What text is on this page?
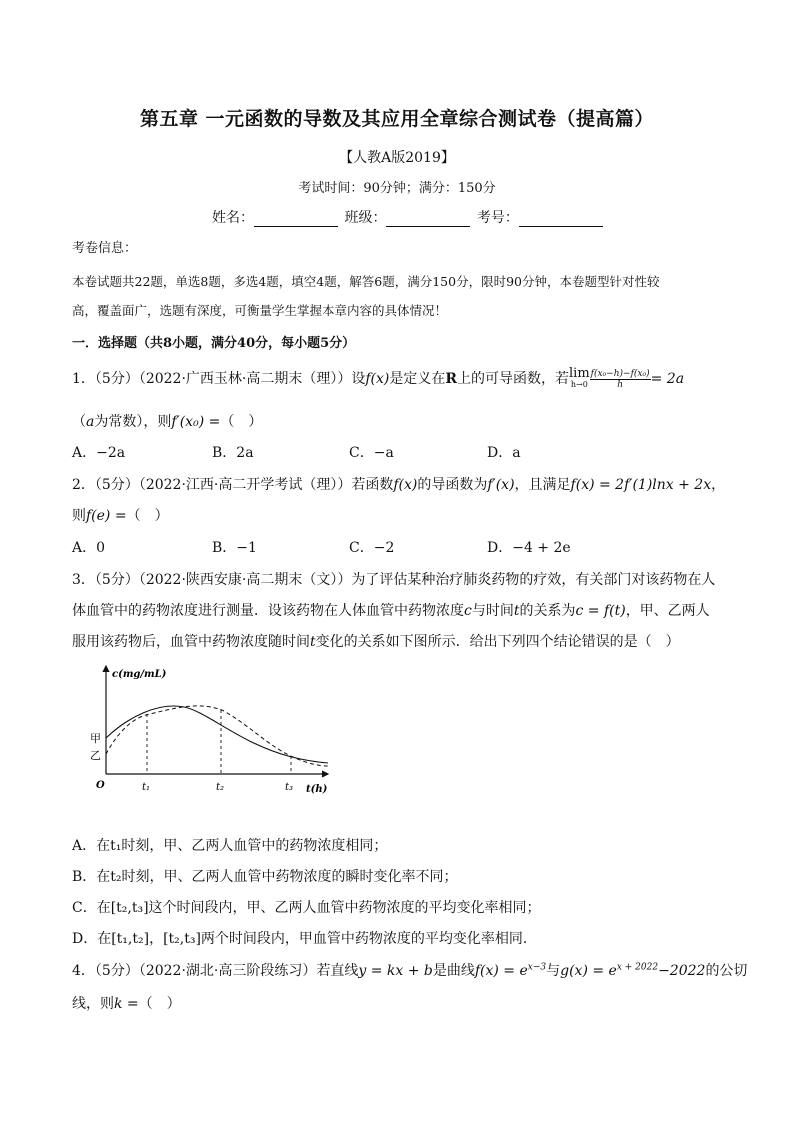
第五章 一元函数的导数及其应用全章综合测试卷（提高篇）
【人教A版2019】
考试时间：90分钟；满分：150分
姓名：	班级：	考号：
考卷信息：
本卷试题共22题，单选8题，多选4题，填空4题，解答6题，满分150分，限时90分钟，本卷题型针对性较
高，覆盖面广，选题有深度，可衡量学生掌握本章内容的具体情况！
一．选择题（共8小题，满分40分，每小题5分）
1．（5分）（2022·广西玉林·高二期末（理））设f(x)是定义在R上的可导函数，若lim
$h\to 0 \frac{\text{f(x₀−h)−f(x₀)}}{h} = 2a$
（a为常数），则f′(x₀) =（　）
A．−2a	B．2a	C．−a	D．a
2．（5分）（2022·江西·高二开学考试（理））若函数f(x)的导函数为f′(x)，且满足f(x) = 2f′(1)lnx + 2x，
则f(e) =（　）
A．0	B．−1	C．−2	D．−4 + 2e
3．（5分）（2022·陕西安康·高二期末（文））为了评估某种治疗肺炎药物的疗效，有关部门对该药物在人
体血管中的药物浓度进行测量．设该药物在人体血管中药物浓度c与时间t的关系为c = f(t)，甲、乙两人
服用该药物后，血管中药物浓度随时间t变化的关系如下图所示．给出下列四个结论错误的是（　）
c(mg/mL)
t(h)
O
甲
乙
t₁	t₂	t₃
A．在t₁时刻，甲、乙两人血管中的药物浓度相同；
B．在t₂时刻，甲、乙两人血管中药物浓度的瞬时变化率不同；
C．在[t₂,t₃]这个时间段内，甲、乙两人血管中药物浓度的平均变化率相同；
D．在[t₁,t₂]，[t₂,t₃]两个时间段内，甲血管中药物浓度的平均变化率相同．
4．（5分）（2022·湖北·高三阶段练习）若直线y = kx + b是曲线$f(x) = e^{x-3}$与$g(x) = e^{x + 2022}-2022$的公切
线，则k =（　）
